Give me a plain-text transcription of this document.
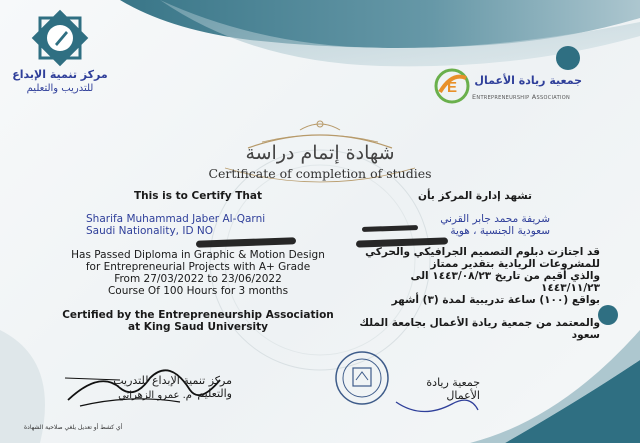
مركز تنمية الإبداع
للتدريب والتعليم	E جمعية ريادة الأعمال
Entrepreneurship Association
شهادة إتمام دراسة
Certificate of completion of studies
This is to Certify That
Sharifa Muhammad Jaber Al-Qarni
Saudi Nationality, ID NO
Has Passed Diploma in Graphic & Motion Design
for Entrepreneurial Projects with A+ Grade
From 27/03/2022 to 23/06/2022
Course Of 100 Hours for 3 months
Certified by the Entrepreneurship Association
at King Saud University
تشهد إدارة المركز بأن
شريفة محمد جابر القرني
سعودية الجنسية ، هوية
قد اجتازت دبلوم التصميم الجرافيكي والحركي
للمشروعات الريادية بتقدير ممتاز
والذي أقيم من تاريخ ١٤٤٣/٠٨/٢٣ الى ١٤٤٣/١١/٢٣
بواقع (١٠٠) ساعة تدريبية لمدة (٣) أشهر
والمعتمد من جمعية ريادة الأعمال بجامعة الملك سعود
مركز تنمية الإبداع للتدريب والتعليم
م. عمرو الزهراني
جمعية ريادة الأعمال
أي كشط أو تعديل يلغي صلاحية الشهادة
